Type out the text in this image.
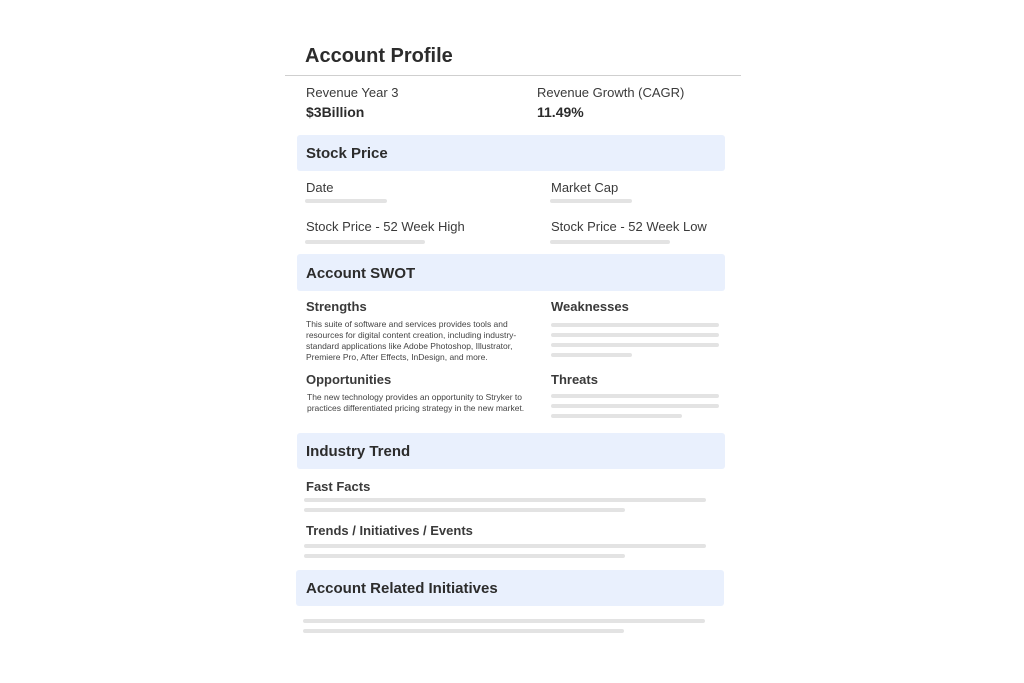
Account Profile
Revenue Year 3
$3Billion
Revenue Growth (CAGR)
11.49%
Stock Price
Date	Market Cap
Stock Price - 52 Week High	Stock Price - 52 Week Low
Account SWOT
Strengths
This suite of software and services provides tools and resources for digital content creation, including industry-standard applications like Adobe Photoshop, Illustrator, Premiere Pro, After Effects, InDesign, and more.
Weaknesses
Opportunities
The new technology provides an opportunity to Stryker to practices differentiated pricing strategy in the new market.
Threats
Industry Trend
Fast Facts
Trends / Initiatives / Events
Account Related Initiatives
